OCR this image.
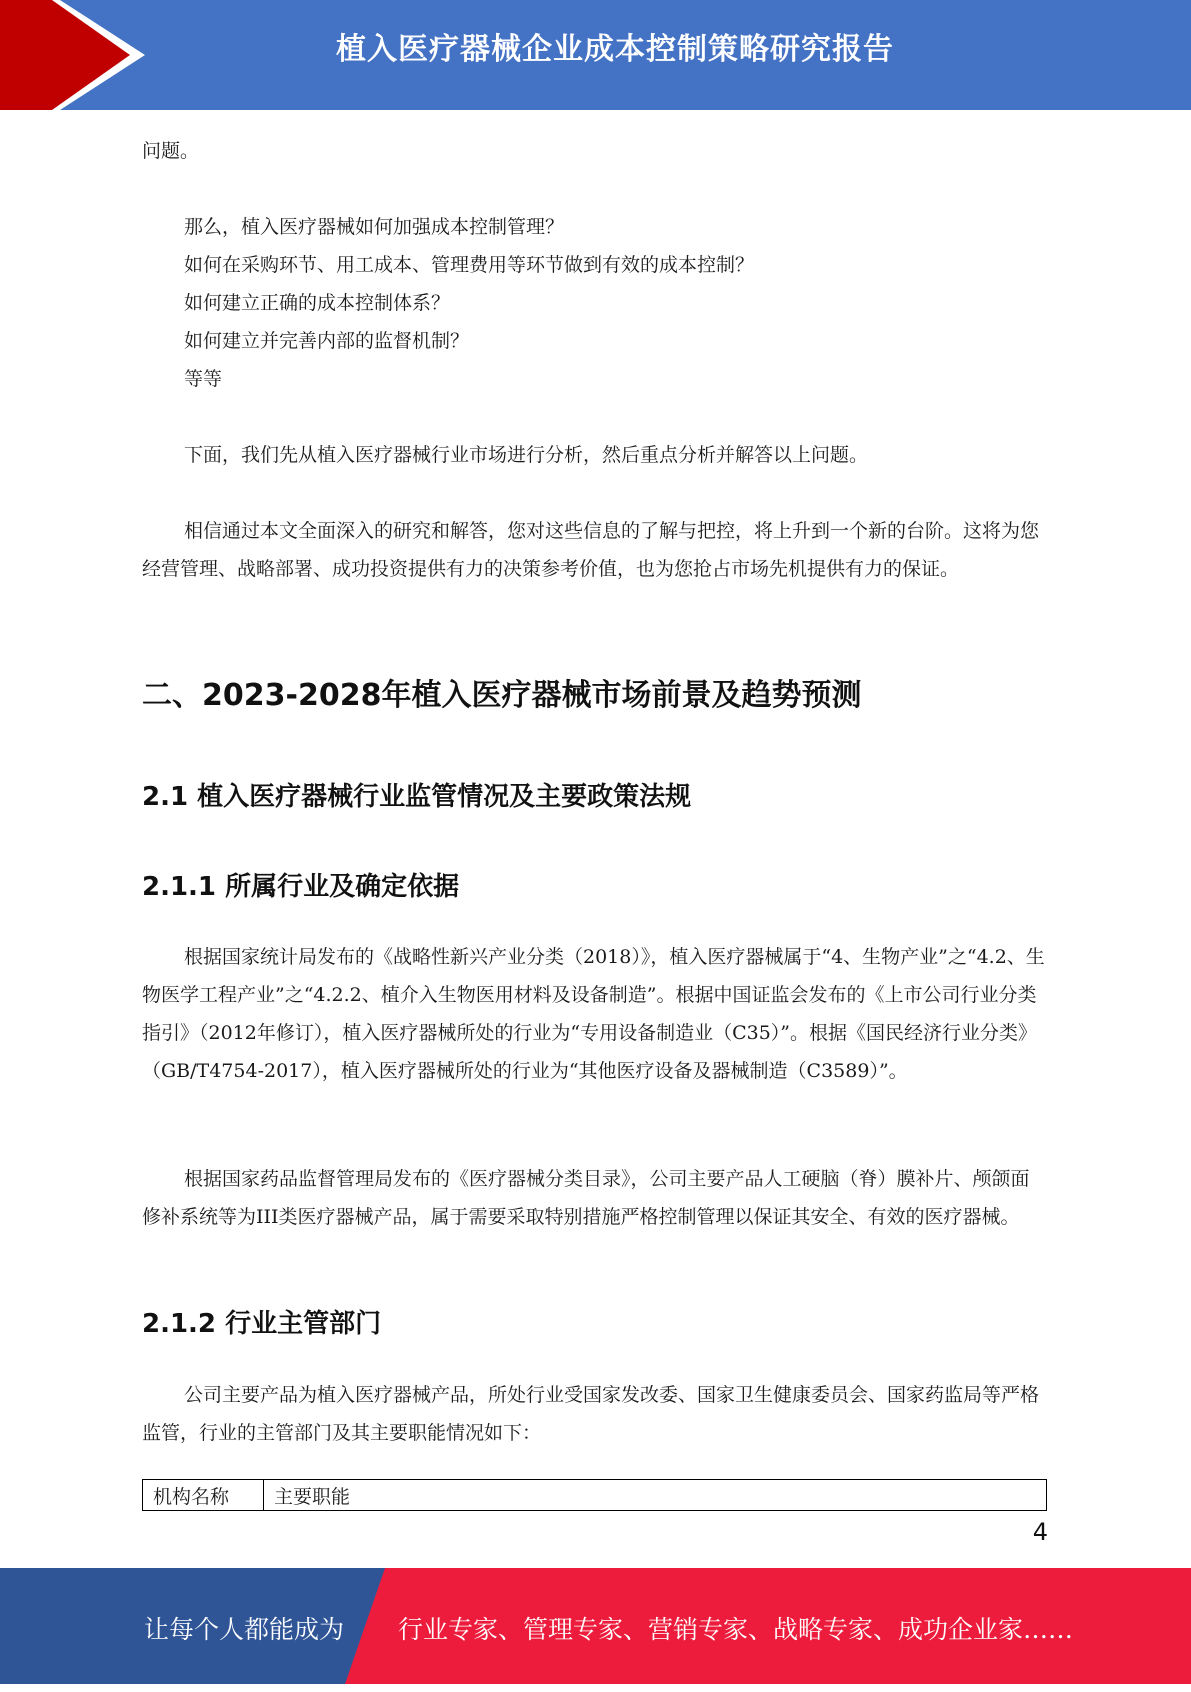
植入医疗器械企业成本控制策略研究报告

问题。

那么，植入医疗器械如何加强成本控制管理？

如何在采购环节、用工成本、管理费用等环节做到有效的成本控制？

如何建立正确的成本控制体系？

如何建立并完善内部的监督机制？

等等

下面，我们先从植入医疗器械行业市场进行分析，然后重点分析并解答以上问题。

相信通过本文全面深入的研究和解答，您对这些信息的了解与把控，将上升到一个新的台阶。这将为您经营管理、战略部署、成功投资提供有力的决策参考价值，也为您抢占市场先机提供有力的保证。

二、2023-2028年植入医疗器械市场前景及趋势预测
2.1 植入医疗器械行业监管情况及主要政策法规
2.1.1 所属行业及确定依据

根据国家统计局发布的《战略性新兴产业分类（2018）》，植入医疗器械属于“4、生物产业”之“4.2、生物医学工程产业”之“4.2.2、植介入生物医用材料及设备制造”。根据中国证监会发布的《上市公司行业分类指引》（2012年修订），植入医疗器械所处的行业为“专用设备制造业（C35）”。根据《国民经济行业分类》（GB/T4754-2017），植入医疗器械所处的行业为“其他医疗设备及器械制造（C3589）”。

根据国家药品监督管理局发布的《医疗器械分类目录》，公司主要产品人工硬脑（脊）膜补片、颅颌面修补系统等为III类医疗器械产品，属于需要采取特别措施严格控制管理以保证其安全、有效的医疗器械。

2.1.2 行业主管部门

公司主要产品为植入医疗器械产品，所处行业受国家发改委、国家卫生健康委员会、国家药监局等严格监管，行业的主管部门及其主要职能情况如下：

机构名称	主要职能
4
让每个人都能成为 行业专家、管理专家、营销专家、战略专家、成功企业家……
